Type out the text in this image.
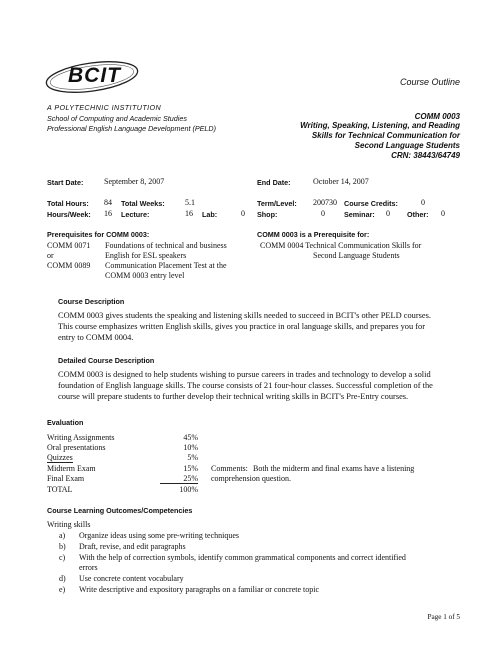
BCIT
A POLYTECHNIC INSTITUTION
School of Computing and Academic Studies
Professional English Language Development (PELD)
Course Outline
COMM 0003
Writing, Speaking, Listening, and Reading
Skills for Technical Communication for
Second Language Students
CRN: 38443/64749
Start Date:	September 8, 2007	End Date:	October 14, 2007
Total Hours: 84 Total Weeks:	5.1	Term/Level: 200730 Course Credits:	0
Hours/Week: 16 Lecture:	16 Lab:	0 Shop:	0	Seminar: 0 Other: 0
Prerequisites for COMM 0003:
COMM 0071 Foundations of technical and business
or	English for ESL speakers
COMM 0089 Communication Placement Test at the
COMM 0003 entry level
COMM 0003 is a Prerequisite for:
COMM 0004 Technical Communication Skills for
Second Language Students
Course Description
COMM 0003 gives students the speaking and listening skills needed to succeed in BCIT's other PELD courses.
This course emphasizes written English skills, gives you practice in oral language skills, and prepares you for
entry to COMM 0004.
Detailed Course Description
COMM 0003 is designed to help students wishing to pursue careers in trades and technology to develop a solid
foundation of English language skills. The course consists of 21 four-hour classes. Successful completion of the
course will prepare students to further develop their technical writing skills in BCIT's Pre-Entry courses.
Evaluation
Writing Assignments	45%
Oral presentations	10%
Quizzes	5%
Midterm Exam	15%
Final Exam	25%
TOTAL	100%
Comments: Both the midterm and final exams have a listening
comprehension question.
Course Learning Outcomes/Competencies
Writing skills
a) Organize ideas using some pre-writing techniques
b) Draft, revise, and edit paragraphs
c) With the help of correction symbols, identify common grammatical components and correct identified
errors
d) Use concrete content vocabulary
e) Write descriptive and expository paragraphs on a familiar or concrete topic
Page 1 of 5
